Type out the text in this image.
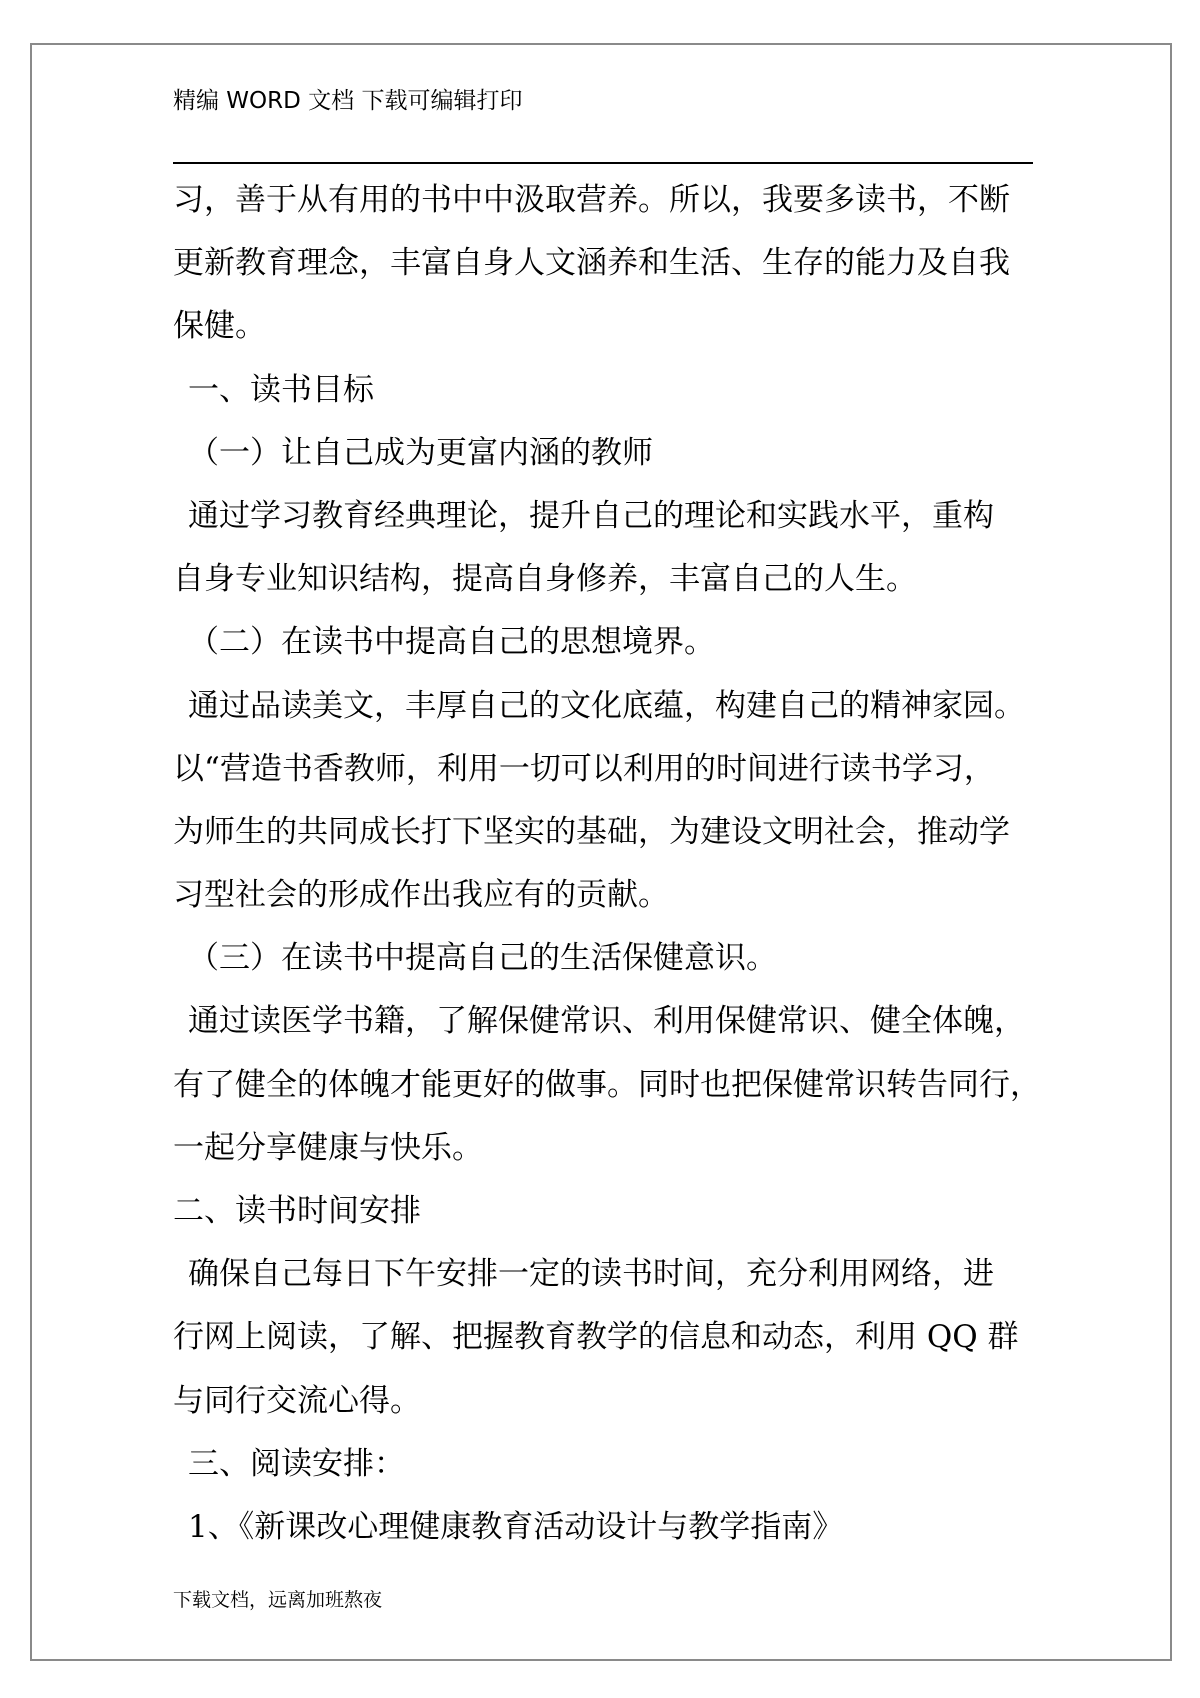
精编 WORD 文档 下载可编辑打印
习，善于从有用的书中中汲取营养。所以，我要多读书，不断
更新教育理念，丰富自身人文涵养和生活、生存的能力及自我
保健。
一、读书目标
（一）让自己成为更富内涵的教师
通过学习教育经典理论，提升自己的理论和实践水平，重构
自身专业知识结构，提高自身修养，丰富自己的人生。
（二）在读书中提高自己的思想境界。
通过品读美文，丰厚自己的文化底蕴，构建自己的精神家园。
以“营造书香教师，利用一切可以利用的时间进行读书学习，
为师生的共同成长打下坚实的基础，为建设文明社会，推动学
习型社会的形成作出我应有的贡献。
（三）在读书中提高自己的生活保健意识。
通过读医学书籍，了解保健常识、利用保健常识、健全体魄，
有了健全的体魄才能更好的做事。同时也把保健常识转告同行，
一起分享健康与快乐。
二、读书时间安排
确保自己每日下午安排一定的读书时间，充分利用网络，进
行网上阅读，了解、把握教育教学的信息和动态，利用 QQ 群
与同行交流心得。
三、阅读安排：
1、《新课改心理健康教育活动设计与教学指南》
下载文档，远离加班熬夜
